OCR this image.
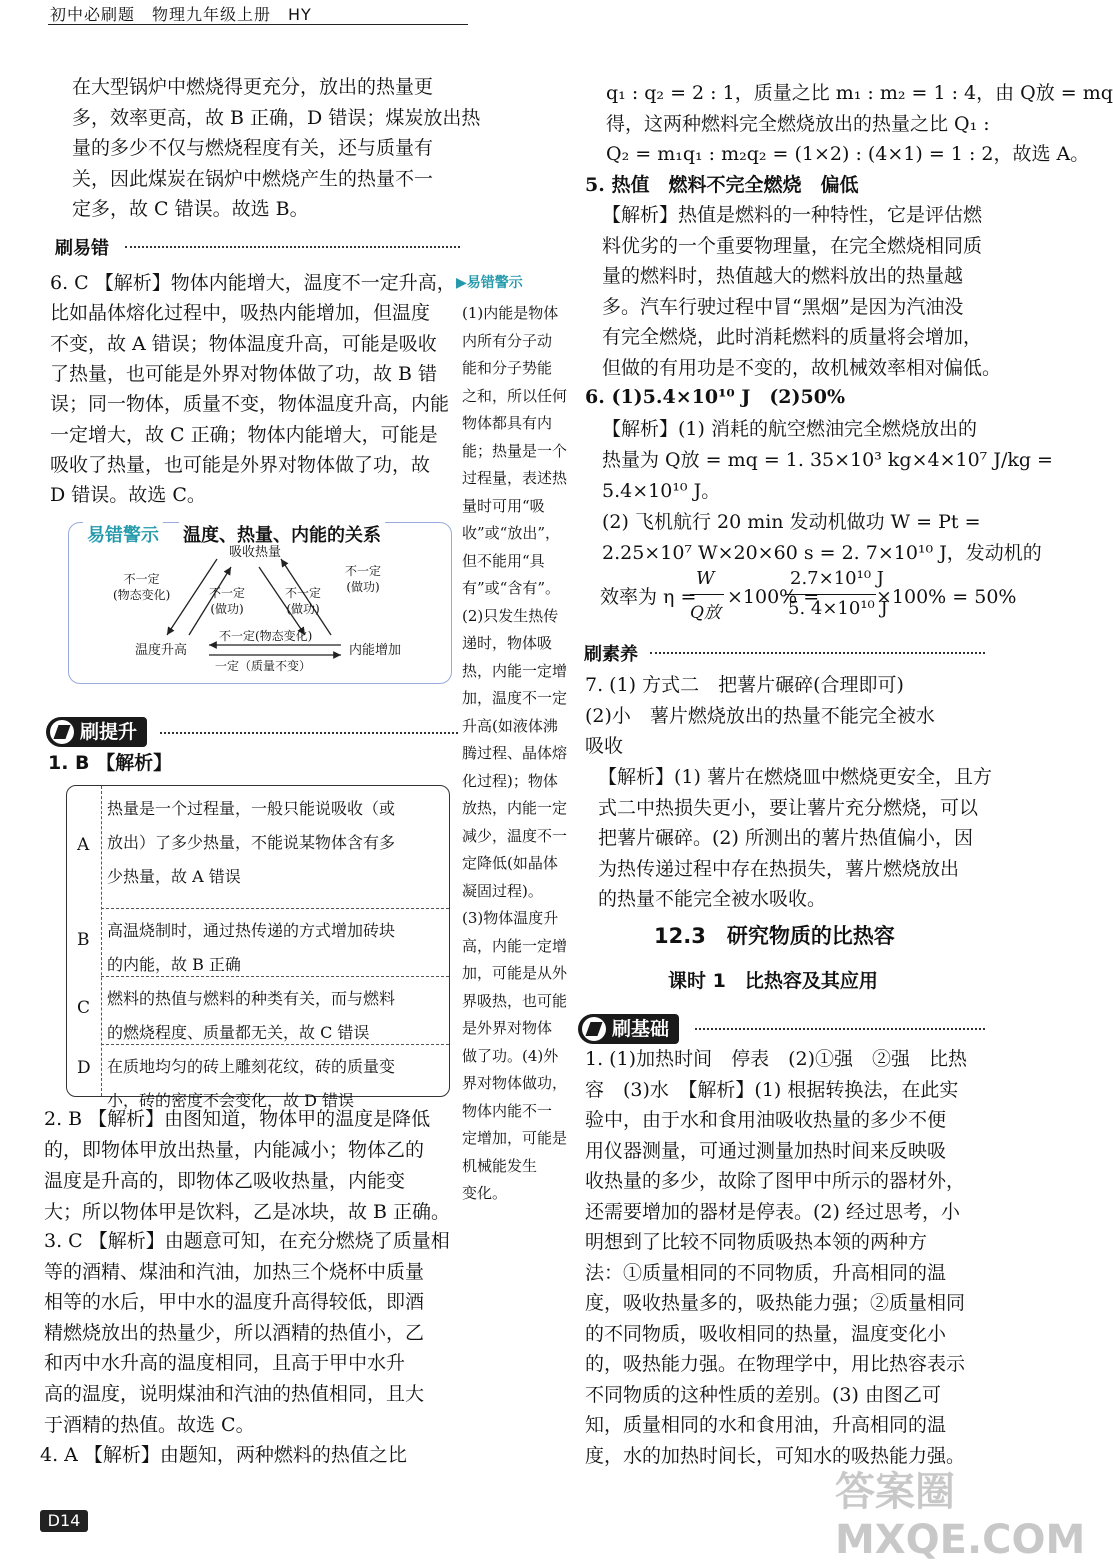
初中必刷题　物理九年级上册　HY
在大型锅炉中燃烧得更充分，放出的热量更
多，效率更高，故 B 正确，D 错误；煤炭放出热
量的多少不仅与燃烧程度有关，还与质量有
关，因此煤炭在锅炉中燃烧产生的热量不一
定多，故 C 错误。故选 B。
刷易错
6. C 【解析】物体内能增大，温度不一定升高，
比如晶体熔化过程中，吸热内能增加，但温度
不变，故 A 错误；物体温度升高，可能是吸收
了热量，也可能是外界对物体做了功，故 B 错
误；同一物体，质量不变，物体温度升高，内能
一定增大，故 C 正确；物体内能增大，可能是
吸收了热量，也可能是外界对物体做了功，故
D 错误。故选 C。
易错警示 温度、热量、内能的关系
吸收热量
不一定
(物态变化)	不一定
(做功)
不一定
(做功)
不一定
(做功)
温度升高	内能增加
不一定(物态变化)
一定（质量不变）
刷提升
1. B 【解析】
A
热量是一个过程量，一般只能说吸收（或
放出）了多少热量，不能说某物体含有多
少热量，故 A 错误
B 高温烧制时，通过热传递的方式增加砖块
的内能，故 B 正确
C 燃料的热值与燃料的种类有关，而与燃料
的燃烧程度、质量都无关，故 C 错误
D 在质地均匀的砖上雕刻花纹，砖的质量变
小，砖的密度不会变化，故 D 错误
2. B 【解析】由图知道，物体甲的温度是降低
的，即物体甲放出热量，内能减小；物体乙的
温度是升高的，即物体乙吸收热量，内能变
大；所以物体甲是饮料，乙是冰块，故 B 正确。
3. C 【解析】由题意可知，在充分燃烧了质量相
等的酒精、煤油和汽油，加热三个烧杯中质量
相等的水后，甲中水的温度升高得较低，即酒
精燃烧放出的热量少，所以酒精的热值小，乙
和丙中水升高的温度相同，且高于甲中水升
高的温度，说明煤油和汽油的热值相同，且大
于酒精的热值。故选 C。
4. A 【解析】由题知，两种燃料的热值之比
D14
▶易错警示
(1)内能是物体
内所有分子动
能和分子势能
之和，所以任何
物体都具有内
能；热量是一个
过程量，表述热
量时可用“吸
收”或“放出”，
但不能用“具
有”或“含有”。
(2)只发生热传
递时，物体吸
热，内能一定增
加，温度不一定
升高(如液体沸
腾过程、晶体熔
化过程)；物体
放热，内能一定
减少，温度不一
定降低(如晶体
凝固过程)。
(3)物体温度升
高，内能一定增
加，可能是从外
界吸热，也可能
是外界对物体
做了功。(4)外
界对物体做功，
物体内能不一
定增加，可能是
机械能发生
变化。
q₁ : q₂ = 2 : 1，质量之比 m₁ : m₂ = 1 : 4，由 Q放 = mq
得，这两种燃料完全燃烧放出的热量之比 Q₁ :
Q₂ = m₁q₁ : m₂q₂ = (1×2) : (4×1) = 1 : 2，故选 A。
5. 热值　燃料不完全燃烧　偏低
【解析】热值是燃料的一种特性，它是评估燃
料优劣的一个重要物理量，在完全燃烧相同质
量的燃料时，热值越大的燃料放出的热量越
多。汽车行驶过程中冒“黑烟”是因为汽油没
有完全燃烧，此时消耗燃料的质量将会增加，
但做的有用功是不变的，故机械效率相对偏低。
6. (1)5.4×10¹⁰ J　(2)50%
【解析】(1) 消耗的航空燃油完全燃烧放出的
热量为 Q放 = mq = 1. 35×10³ kg×4×10⁷ J/kg =
5.4×10¹⁰ J。
(2) 飞机航行 20 min 发动机做功 W = Pt =
2.25×10⁷ W×20×60 s = 2. 7×10¹⁰ J，发动机的
效率为 η =
W
Q放
×100% =
2.7×10¹⁰ J
5. 4×10¹⁰ J
×100% = 50%
刷素养
7. (1) 方式二　把薯片碾碎(合理即可)
(2)小　薯片燃烧放出的热量不能完全被水
吸收
【解析】(1) 薯片在燃烧皿中燃烧更安全，且方
式二中热损失更小，要让薯片充分燃烧，可以
把薯片碾碎。(2) 所测出的薯片热值偏小，因
为热传递过程中存在热损失，薯片燃烧放出
的热量不能完全被水吸收。
12.3　研究物质的比热容
课时 1　比热容及其应用
刷基础
1. (1)加热时间　停表　(2)①强　②强　比热
容　(3)水　【解析】(1) 根据转换法，在此实
验中，由于水和食用油吸收热量的多少不便
用仪器测量，可通过测量加热时间来反映吸
收热量的多少，故除了图甲中所示的器材外，
还需要增加的器材是停表。(2) 经过思考，小
明想到了比较不同物质吸热本领的两种方
法：①质量相同的不同物质，升高相同的温
度，吸收热量多的，吸热能力强；②质量相同
的不同物质，吸收相同的热量，温度变化小
的，吸热能力强。在物理学中，用比热容表示
不同物质的这种性质的差别。(3) 由图乙可
知，质量相同的水和食用油，升高相同的温
度，水的加热时间长，可知水的吸热能力强。
答案圈 MXQE.COM
